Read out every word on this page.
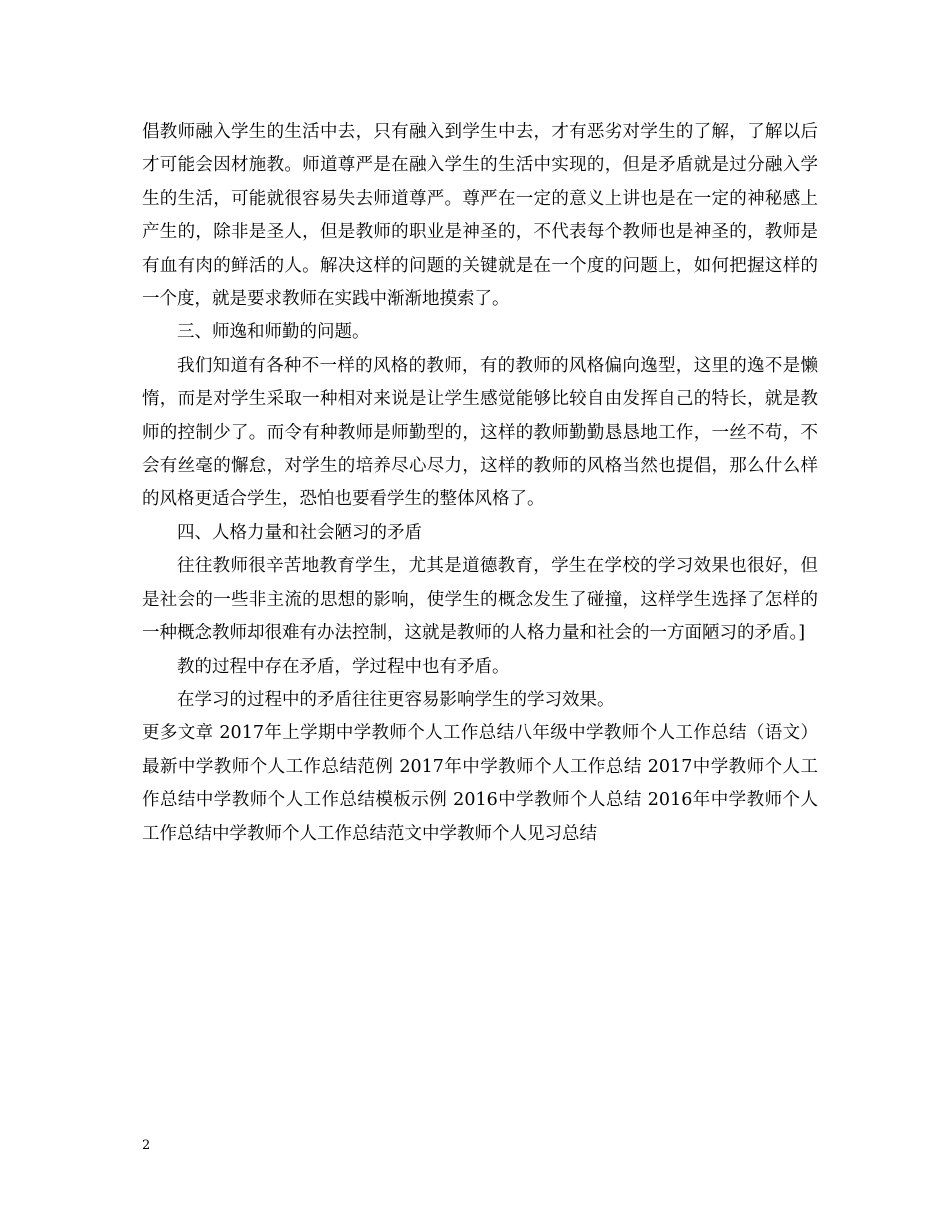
倡教师融入学生的生活中去，只有融入到学生中去，才有恶劣对学生的了解，了解以后才可能会因材施教。师道尊严是在融入学生的生活中实现的，但是矛盾就是过分融入学生的生活，可能就很容易失去师道尊严。尊严在一定的意义上讲也是在一定的神秘感上产生的，除非是圣人，但是教师的职业是神圣的，不代表每个教师也是神圣的，教师是有血有肉的鲜活的人。解决这样的问题的关键就是在一个度的问题上，如何把握这样的一个度，就是要求教师在实践中渐渐地摸索了。

三、师逸和师勤的问题。

我们知道有各种不一样的风格的教师，有的教师的风格偏向逸型，这里的逸不是懒惰，而是对学生采取一种相对来说是让学生感觉能够比较自由发挥自己的特长，就是教师的控制少了。而令有种教师是师勤型的，这样的教师勤勤恳恳地工作，一丝不苟，不会有丝毫的懈怠，对学生的培养尽心尽力，这样的教师的风格当然也提倡，那么什么样的风格更适合学生，恐怕也要看学生的整体风格了。

四、人格力量和社会陋习的矛盾

往往教师很辛苦地教育学生，尤其是道德教育，学生在学校的学习效果也很好，但是社会的一些非主流的思想的影响，使学生的概念发生了碰撞，这样学生选择了怎样的一种概念教师却很难有办法控制，这就是教师的人格力量和社会的一方面陋习的矛盾。]

教的过程中存在矛盾，学过程中也有矛盾。

在学习的过程中的矛盾往往更容易影响学生的学习效果。

更多文章 2017年上学期中学教师个人工作总结八年级中学教师个人工作总结（语文）最新中学教师个人工作总结范例 2017年中学教师个人工作总结 2017中学教师个人工作总结中学教师个人工作总结模板示例 2016中学教师个人总结 2016年中学教师个人工作总结中学教师个人工作总结范文中学教师个人见习总结

2
